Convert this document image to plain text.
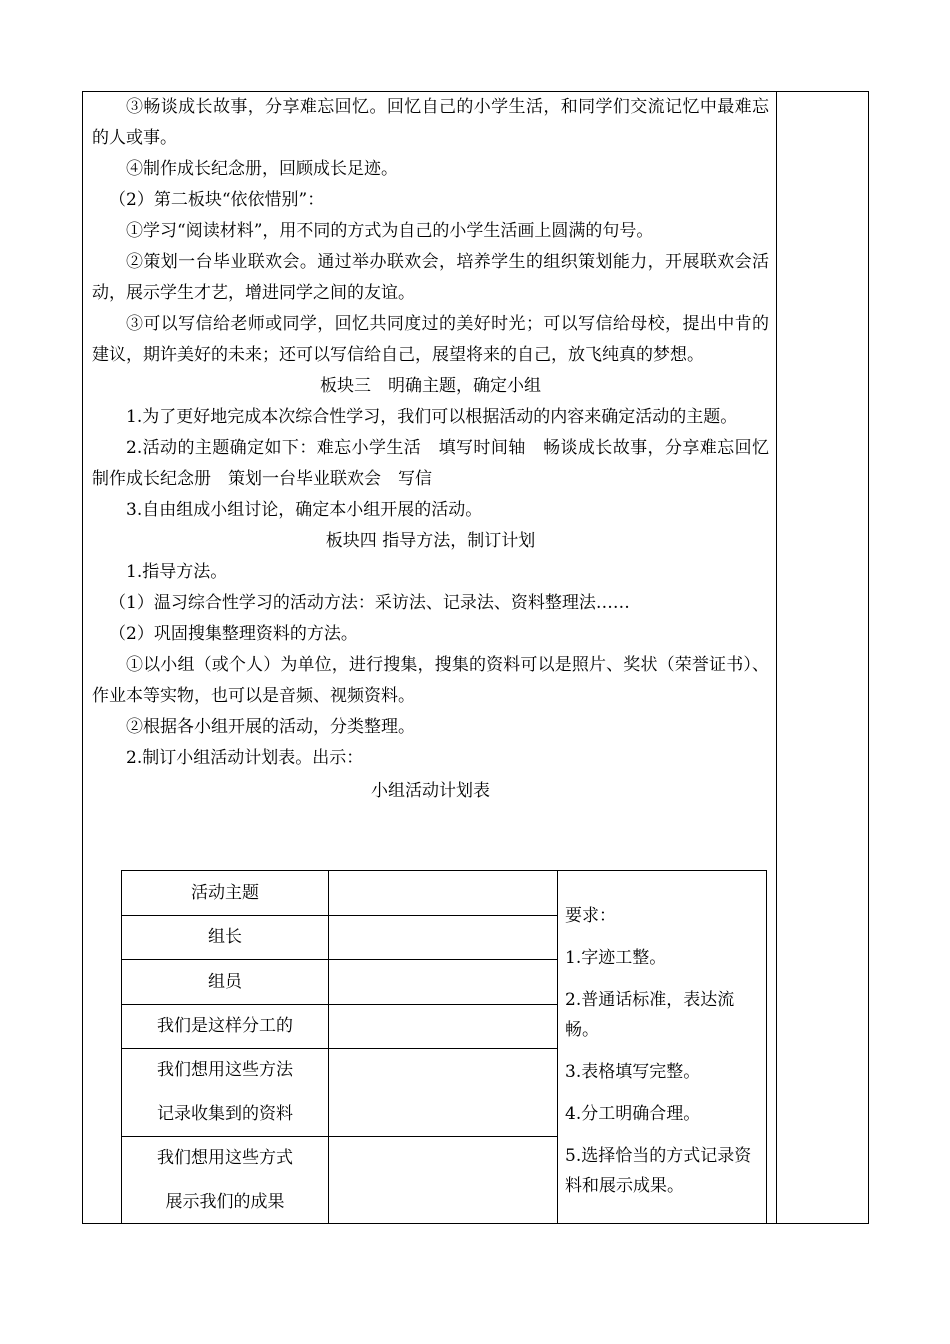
③畅谈成长故事，分享难忘回忆。回忆自己的小学生活，和同学们交流记忆中最难忘的人或事。

④制作成长纪念册，回顾成长足迹。

（2）第二板块“依依惜别”：

①学习“阅读材料”，用不同的方式为自己的小学生活画上圆满的句号。

②策划一台毕业联欢会。通过举办联欢会，培养学生的组织策划能力，开展联欢会活动，展示学生才艺，增进同学之间的友谊。

③可以写信给老师或同学，回忆共同度过的美好时光；可以写信给母校，提出中肯的建议，期许美好的未来；还可以写信给自己，展望将来的自己，放飞纯真的梦想。

板块三　明确主题，确定小组

1.为了更好地完成本次综合性学习，我们可以根据活动的内容来确定活动的主题。

2.活动的主题确定如下：难忘小学生活　填写时间轴　畅谈成长故事，分享难忘回忆　制作成长纪念册　策划一台毕业联欢会　写信

3.自由组成小组讨论，确定本小组开展的活动。

板块四 指导方法，制订计划

1.指导方法。

（1）温习综合性学习的活动方法：采访法、记录法、资料整理法……

（2）巩固搜集整理资料的方法。

①以小组（或个人）为单位，进行搜集，搜集的资料可以是照片、奖状（荣誉证书）、作业本等实物，也可以是音频、视频资料。

②根据各小组开展的活动，分类整理。

2.制订小组活动计划表。出示：

小组活动计划表

活动主题
组长
组员
我们是这样分工的
我们想用这些方法
记录收集到的资料
我们想用这些方式
展示我们的成果

要求：

1.字迹工整。

2.普通话标准，表达流畅。

3.表格填写完整。

4.分工明确合理。

5.选择恰当的方式记录资料和展示成果。
